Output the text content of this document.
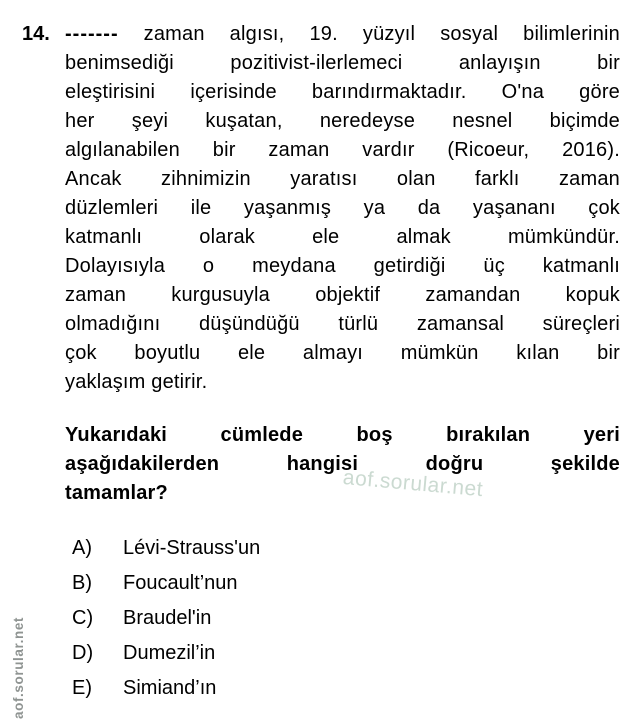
14. ------- zaman algısı, 19. yüzyıl sosyal bilimlerinin
benimsediği pozitivist-ilerlemeci anlayışın bir
eleştirisini içerisinde barındırmaktadır. O'na göre
her şeyi kuşatan, neredeyse nesnel biçimde
algılanabilen bir zaman vardır (Ricoeur, 2016).
Ancak zihnimizin yaratısı olan farklı zaman
düzlemleri ile yaşanmış ya da yaşananı çok
katmanlı olarak ele almak mümkündür.
Dolayısıyla o meydana getirdiği üç katmanlı
zaman kurgusuyla objektif zamandan kopuk
olmadığını düşündüğü türlü zamansal süreçleri
çok boyutlu ele almayı mümkün kılan bir
yaklaşım getirir.
Yukarıdaki cümlede boş bırakılan yeri
aşağıdakilerden hangisi doğru şekilde
tamamlar?
A) Lévi-Strauss'un
B) Foucault’nun
C) Braudel'in
D) Dumezil’in
E) Simiand’ın
aof.sorular.net
aof.sorular.net
